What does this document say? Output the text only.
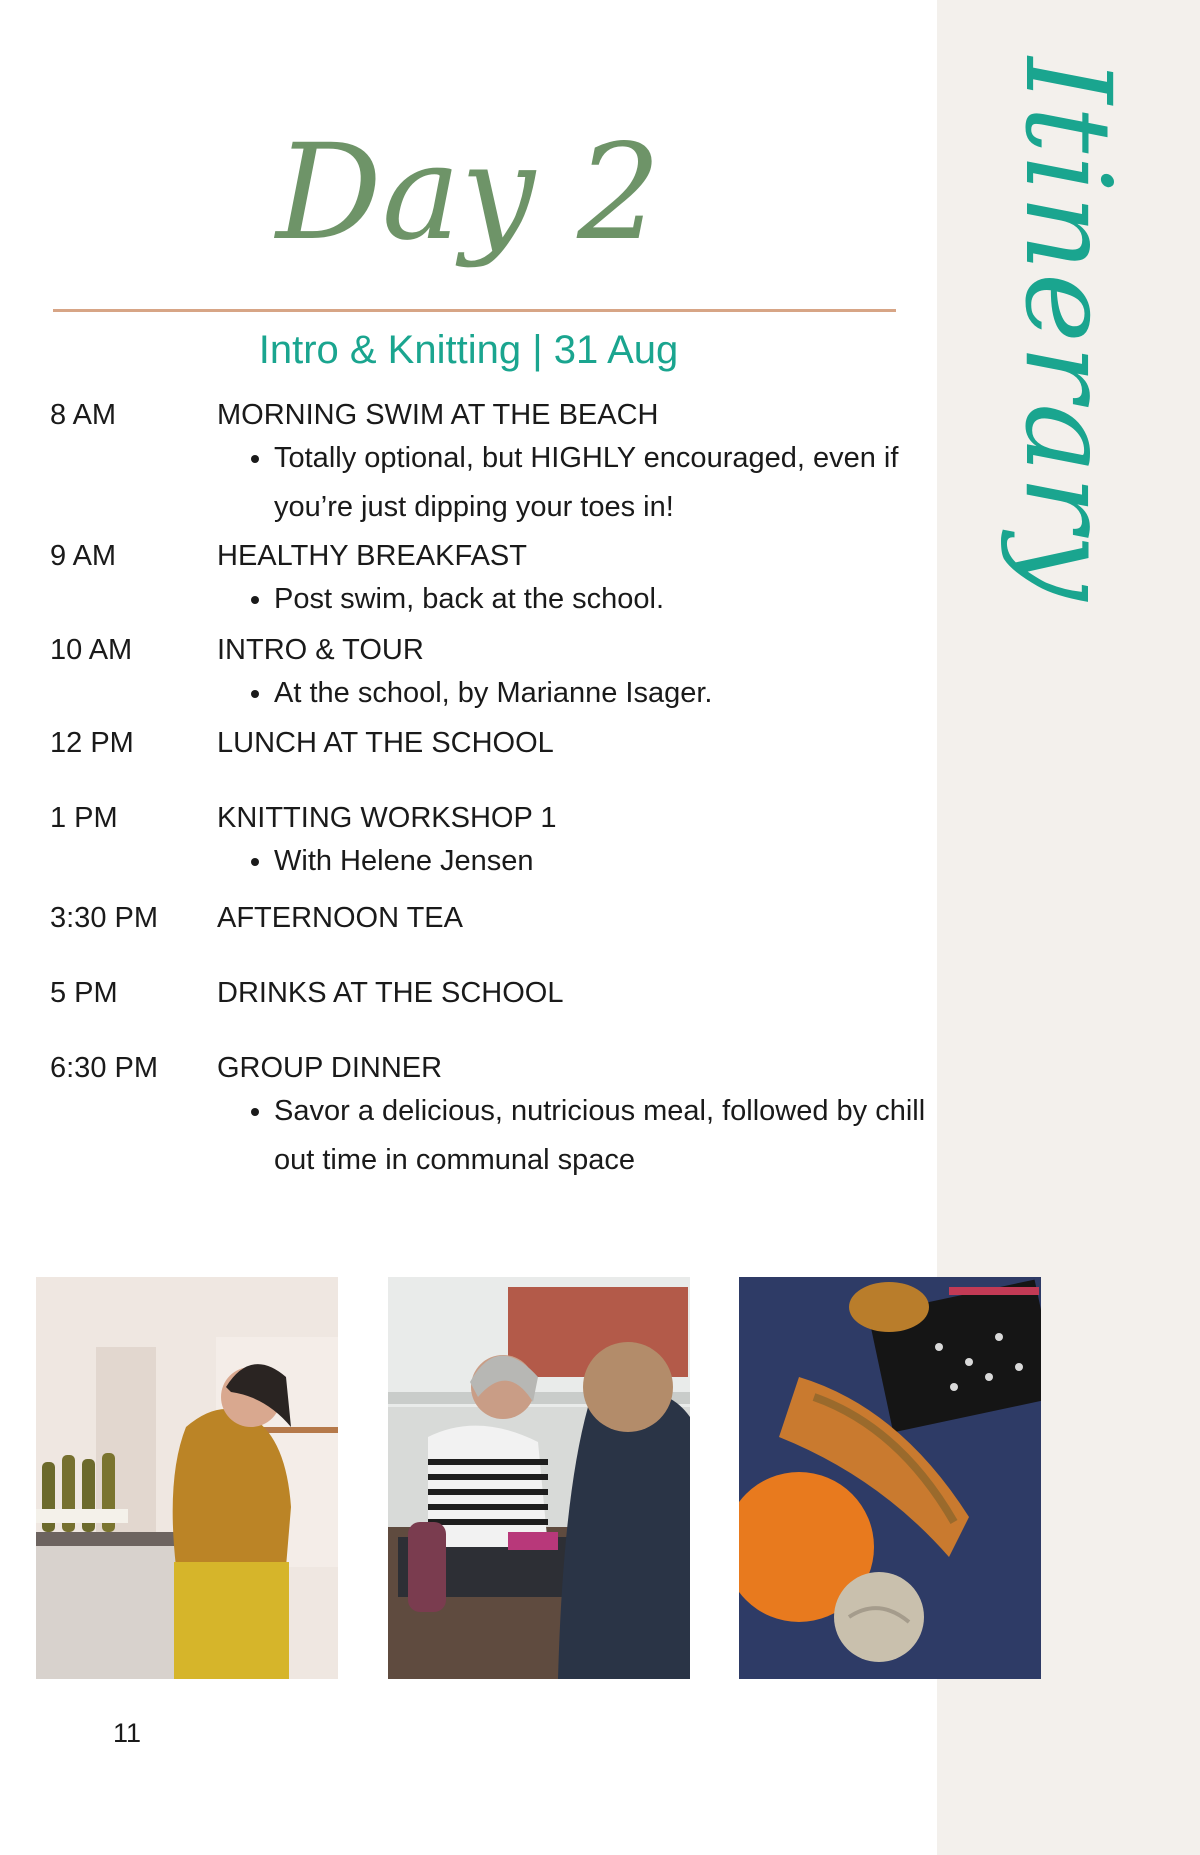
Itinerary
Day 2
Intro & Knitting | 31 Aug
8 AM	MORNING SWIM AT THE BEACH
• Totally optional, but HIGHLY encouraged, even if you’re just dipping your toes in!
9 AM	HEALTHY BREAKFAST
• Post swim, back at the school.
10 AM	INTRO & TOUR
• At the school, by Marianne Isager.
12 PM	LUNCH AT THE SCHOOL
1 PM	KNITTING WORKSHOP 1
• With Helene Jensen
3:30 PM AFTERNOON TEA
5 PM	DRINKS AT THE SCHOOL
6:30 PM GROUP DINNER
• Savor a delicious, nutricious meal, followed by chill out time in communal space
11
